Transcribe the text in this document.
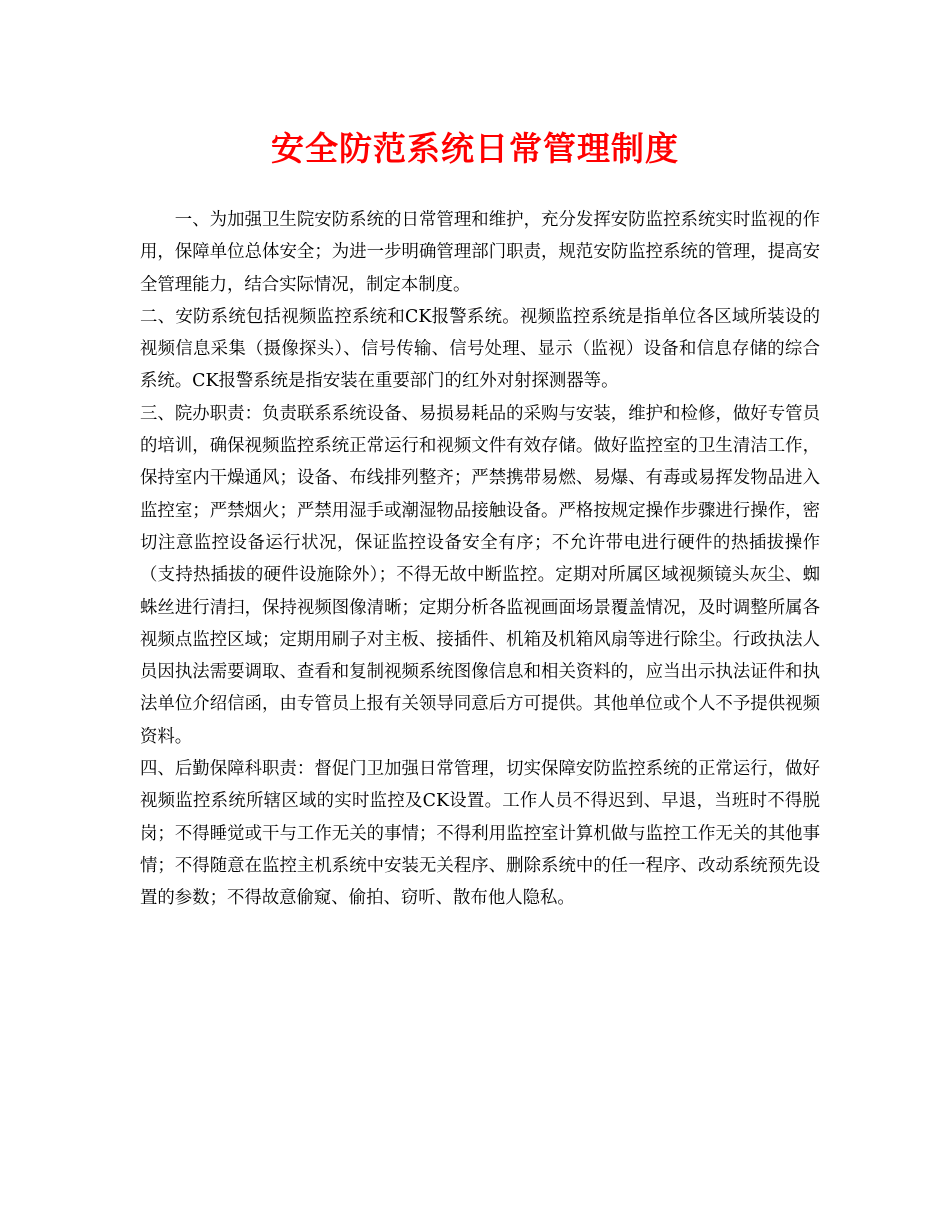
安全防范系统日常管理制度

一、为加强卫生院安防系统的日常管理和维护，充分发挥安防监控系统实时监视的作用，保障单位总体安全；为进一步明确管理部门职责，规范安防监控系统的管理，提高安全管理能力，结合实际情况，制定本制度。

二、安防系统包括视频监控系统和CK报警系统。视频监控系统是指单位各区域所装设的视频信息采集（摄像探头）、信号传输、信号处理、显示（监视）设备和信息存储的综合系统。CK报警系统是指安装在重要部门的红外对射探测器等。

三、院办职责：负责联系系统设备、易损易耗品的采购与安装，维护和检修，做好专管员的培训，确保视频监控系统正常运行和视频文件有效存储。做好监控室的卫生清洁工作，保持室内干燥通风；设备、布线排列整齐；严禁携带易燃、易爆、有毒或易挥发物品进入监控室；严禁烟火；严禁用湿手或潮湿物品接触设备。严格按规定操作步骤进行操作，密切注意监控设备运行状况，保证监控设备安全有序；不允许带电进行硬件的热插拔操作（支持热插拔的硬件设施除外）；不得无故中断监控。定期对所属区域视频镜头灰尘、蜘蛛丝进行清扫，保持视频图像清晰；定期分析各监视画面场景覆盖情况，及时调整所属各视频点监控区域；定期用刷子对主板、接插件、机箱及机箱风扇等进行除尘。行政执法人员因执法需要调取、查看和复制视频系统图像信息和相关资料的，应当出示执法证件和执法单位介绍信函，由专管员上报有关领导同意后方可提供。其他单位或个人不予提供视频资料。

四、后勤保障科职责：督促门卫加强日常管理，切实保障安防监控系统的正常运行，做好视频监控系统所辖区域的实时监控及CK设置。工作人员不得迟到、早退，当班时不得脱岗；不得睡觉或干与工作无关的事情；不得利用监控室计算机做与监控工作无关的其他事情；不得随意在监控主机系统中安装无关程序、删除系统中的任一程序、改动系统预先设置的参数；不得故意偷窥、偷拍、窃听、散布他人隐私。
